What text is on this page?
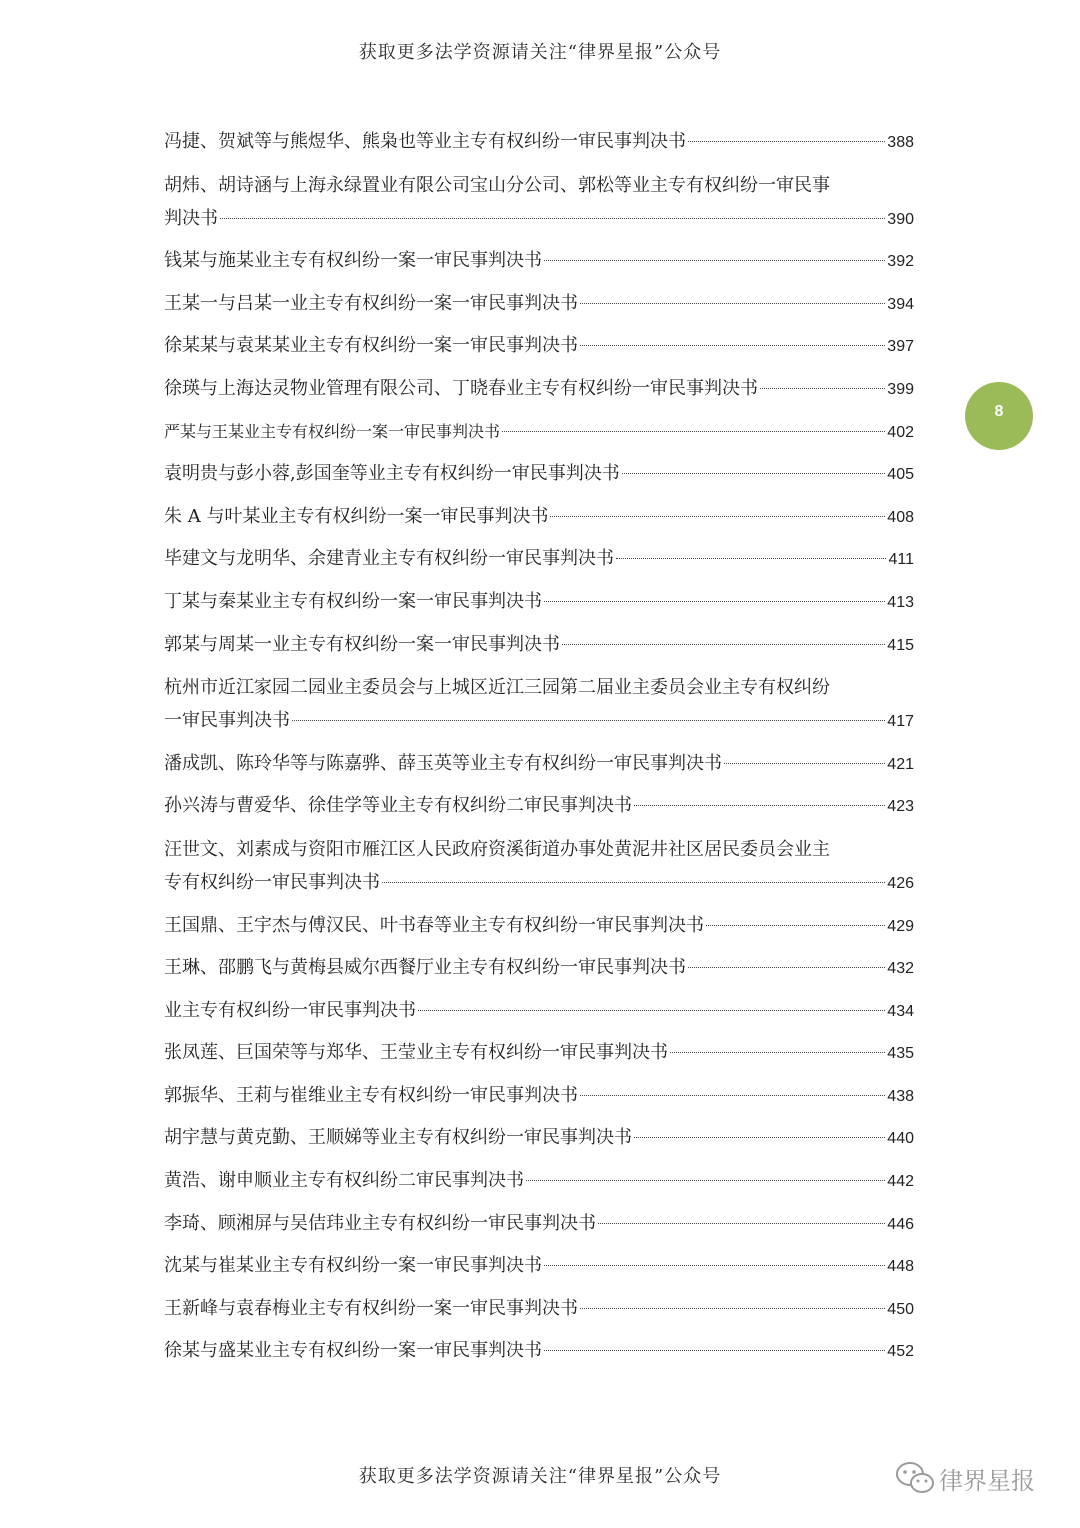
获取更多法学资源请关注“律界星报”公众号
8
冯捷、贺斌等与熊煜华、熊枭也等业主专有权纠纷一审民事判决书	388
胡炜、胡诗涵与上海永绿置业有限公司宝山分公司、郭松等业主专有权纠纷一审民事
判决书	390
钱某与施某业主专有权纠纷一案一审民事判决书	392
王某一与吕某一业主专有权纠纷一案一审民事判决书	394
徐某某与袁某某业主专有权纠纷一案一审民事判决书	397
徐瑛与上海达灵物业管理有限公司、丁晓春业主专有权纠纷一审民事判决书	399
严某与王某业主专有权纠纷一案一审民事判决书	402
袁明贵与彭小蓉,彭国奎等业主专有权纠纷一审民事判决书	405
朱 A 与叶某业主专有权纠纷一案一审民事判决书	408
毕建文与龙明华、余建青业主专有权纠纷一审民事判决书	411
丁某与秦某业主专有权纠纷一案一审民事判决书	413
郭某与周某一业主专有权纠纷一案一审民事判决书	415
杭州市近江家园二园业主委员会与上城区近江三园第二届业主委员会业主专有权纠纷
一审民事判决书	417
潘成凯、陈玲华等与陈嘉骅、薛玉英等业主专有权纠纷一审民事判决书	421
孙兴涛与曹爱华、徐佳学等业主专有权纠纷二审民事判决书	423
汪世文、刘素成与资阳市雁江区人民政府资溪街道办事处黄泥井社区居民委员会业主
专有权纠纷一审民事判决书	426
王国鼎、王宇杰与傅汉民、叶书春等业主专有权纠纷一审民事判决书	429
王琳、邵鹏飞与黄梅县威尔西餐厅业主专有权纠纷一审民事判决书	432
业主专有权纠纷一审民事判决书	434
张凤莲、巨国荣等与郑华、王莹业主专有权纠纷一审民事判决书	435
郭振华、王莉与崔维业主专有权纠纷一审民事判决书	438
胡宇慧与黄克勤、王顺娣等业主专有权纠纷一审民事判决书	440
黄浩、谢申顺业主专有权纠纷二审民事判决书	442
李琦、顾湘屏与吴佶玮业主专有权纠纷一审民事判决书	446
沈某与崔某业主专有权纠纷一案一审民事判决书	448
王新峰与袁春梅业主专有权纠纷一案一审民事判决书	450
徐某与盛某业主专有权纠纷一案一审民事判决书	452
获取更多法学资源请关注“律界星报”公众号	律界星报
